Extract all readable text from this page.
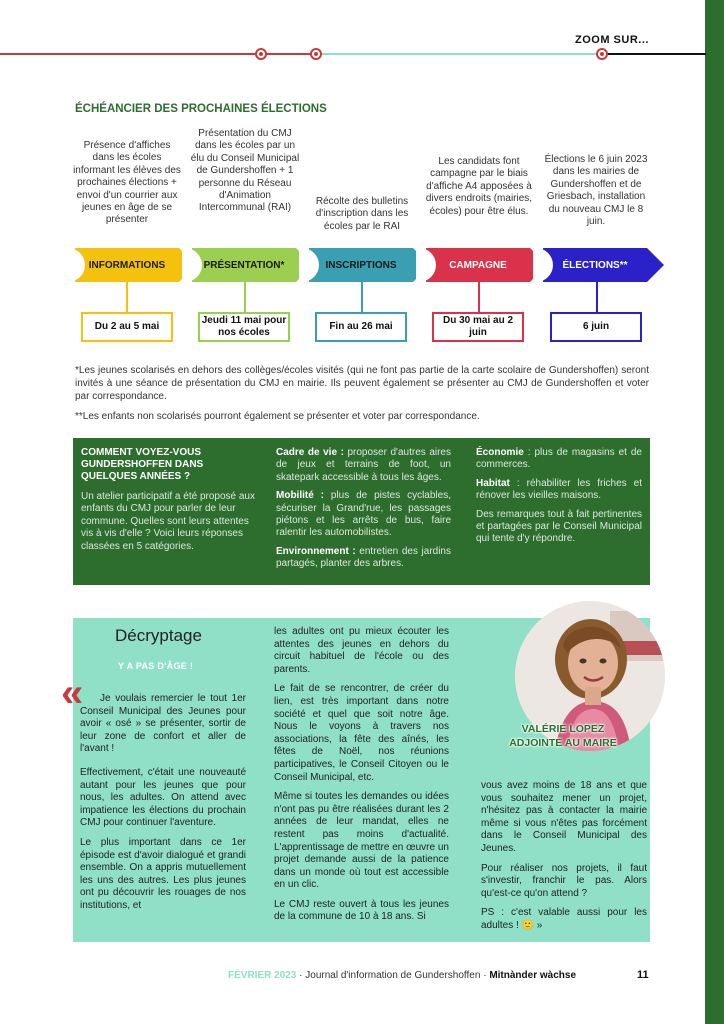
ZOOM SUR...
ÉCHÉANCIER DES PROCHAINES ÉLECTIONS
Présence d'affiches dans les écoles informant les élèves des prochaines élections + envoi d'un courrier aux jeunes en âge de se présenter
Présentation du CMJ dans les écoles par un élu du Conseil Municipal de Gundershoffen + 1 personne du Réseau d'Animation Intercommunal (RAI)
Récolte des bulletins d'inscription dans les écoles par le RAI
Les candidats font campagne par le biais d'affiche A4 apposées à divers endroits (mairies, écoles) pour être élus.
Élections le 6 juin 2023 dans les mairies de Gundershoffen et de Griesbach, installation du nouveau CMJ le 8 juin.
INFORMATIONS	PRÉSENTATION*	INSCRIPTIONS	CAMPAGNE	ÉLECTIONS**
Du 2 au 5 mai
Jeudi 11 mai pour nos écoles
Fin au 26 mai
Du 30 mai au 2 juin
6 juin
*Les jeunes scolarisés en dehors des collèges/écoles visités (qui ne font pas partie de la carte scolaire de Gundershoffen) seront invités à une séance de présentation du CMJ en mairie. Ils peuvent également se présenter au CMJ de Gundershoffen et voter par correspondance.
**Les enfants non scolarisés pourront également se présenter et voter par correspondance.
COMMENT VOYEZ-VOUS GUNDERSHOFFEN DANS QUELQUES ANNÉES ?
Un atelier participatif a été proposé aux enfants du CMJ pour parler de leur commune. Quelles sont leurs attentes vis à vis d'elle ? Voici leurs réponses classées en 5 catégories.

Cadre de vie : proposer d'autres aires de jeux et terrains de foot, un skatepark accessible à tous les âges.

Mobilité : plus de pistes cyclables, sécuriser la Grand'rue, les passages piétons et les arrêts de bus, faire ralentir les automobilistes.

Environnement : entretien des jardins partagés, planter des arbres.

Économie : plus de magasins et de commerces.

Habitat : réhabiliter les friches et rénover les vieilles maisons.

Des remarques tout à fait pertinentes et partagées par le Conseil Municipal qui tente d'y répondre.

Décryptage
Y A PAS D'ÂGE !
«	Je voulais remercier le tout 1er Conseil Municipal des Jeunes pour avoir « osé » se présenter, sortir de leur zone de confort et aller de l'avant !

Effectivement, c'était une nouveauté autant pour les jeunes que pour nous, les adultes. On attend avec impatience les élections du prochain CMJ pour continuer l'aventure.

Le plus important dans ce 1er épisode est d'avoir dialogué et grandi ensemble. On a appris mutuellement les uns des autres. Les plus jeunes ont pu découvrir les rouages de nos institutions, et

les adultes ont pu mieux écouter les attentes des jeunes en dehors du circuit habituel de l'école ou des parents.

Le fait de se rencontrer, de créer du lien, est très important dans notre société et quel que soit notre âge. Nous le voyons à travers nos associations, la fête des aînés, les fêtes de Noël, nos réunions participatives, le Conseil Citoyen ou le Conseil Municipal, etc.

Même si toutes les demandes ou idées n'ont pas pu être réalisées durant les 2 années de leur mandat, elles ne restent pas moins d'actualité. L'apprentissage de mettre en œuvre un projet demande aussi de la patience dans un monde où tout est accessible en un clic.

Le CMJ reste ouvert à tous les jeunes de la commune de 10 à 18 ans. Si

VALÉRIE LOPEZ
ADJOINTE AU MAIRE

vous avez moins de 18 ans et que vous souhaitez mener un projet, n'hésitez pas à contacter la mairie même si vous n'êtes pas forcément dans le Conseil Municipal des Jeunes.

Pour réaliser nos projets, il faut s'investir, franchir le pas. Alors qu'est-ce qu'on attend ?

PS : c'est valable aussi pour les adultes ! 🙂 »

FÉVRIER 2023 · Journal d'information de Gundershoffen · Mitnànder wàchse	11
